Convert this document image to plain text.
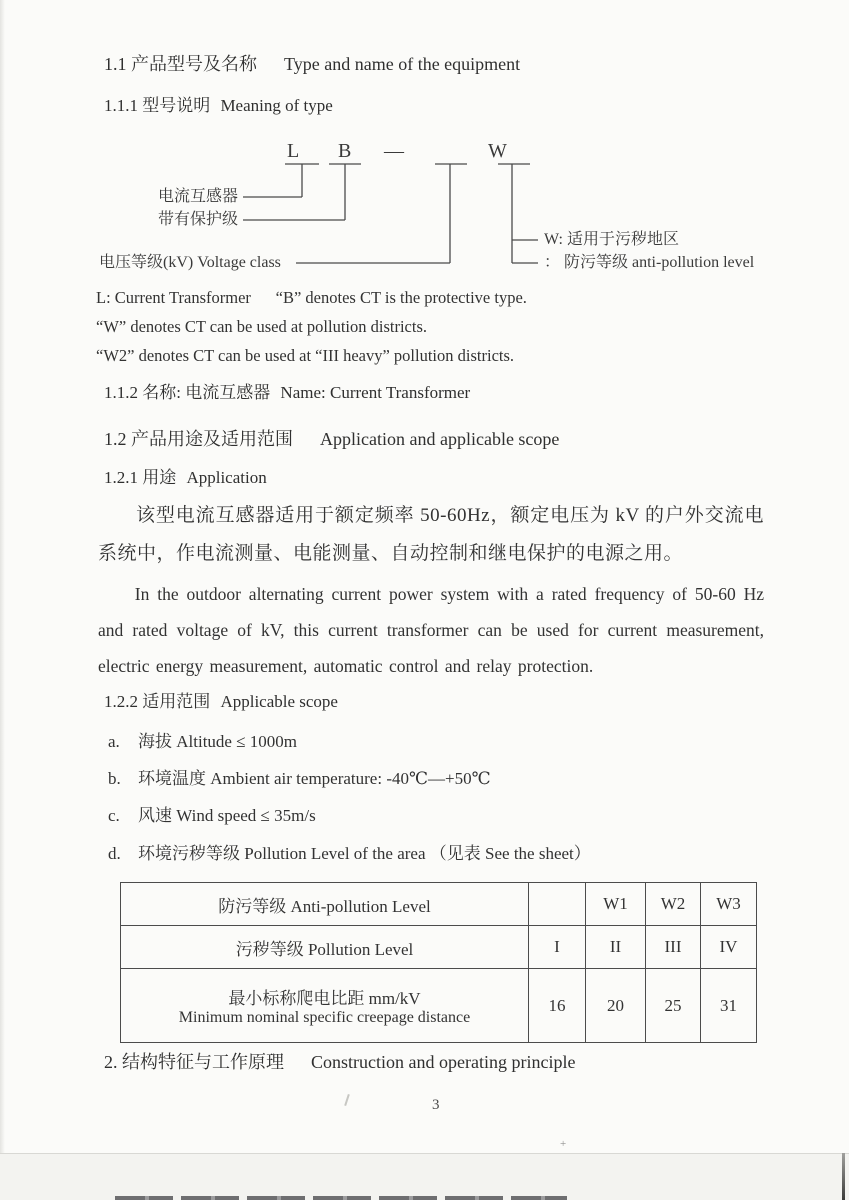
1.1 产品型号及名称 Type and name of the equipment
1.1.1 型号说明 Meaning of type
L B —	W
电流互感器
带有保护级
电压等级(kV) Voltage class
W: 适用于污秽地区
： 防污等级 anti-pollution level
L: Current Transformer      “B” denotes CT is the protective type.
“W” denotes CT can be used at pollution districts.
“W2” denotes CT can be used at “III heavy” pollution districts.
1.1.2 名称: 电流互感器 Name: Current Transformer
1.2 产品用途及适用范围 Application and applicable scope
1.2.1 用途 Application
该型电流互感器适用于额定频率 50-60Hz，额定电压为 kV 的户外交流电系统中，作电流测量、电能测量、自动控制和继电保护的电源之用。
In the outdoor alternating current power system with a rated frequency of 50-60 Hz and rated voltage of kV, this current transformer can be used for current measurement, electric energy measurement, automatic control and relay protection.
1.2.2 适用范围 Applicable scope
a. 海拔 Altitude ≤ 1000m
b. 环境温度 Ambient air temperature: -40℃—+50℃
c. 风速 Wind speed ≤ 35m/s
d. 环境污秽等级 Pollution Level of the area （见表 See the sheet）
防污等级 Anti-pollution Level		W1	W2	W3
污秽等级 Pollution Level	I	II	III	IV

最小标称爬电比距 mm/kV
Minimum nominal specific creepage distance	16	20	25	31
2. 结构特征与工作原理 Construction and operating principle
3
+
